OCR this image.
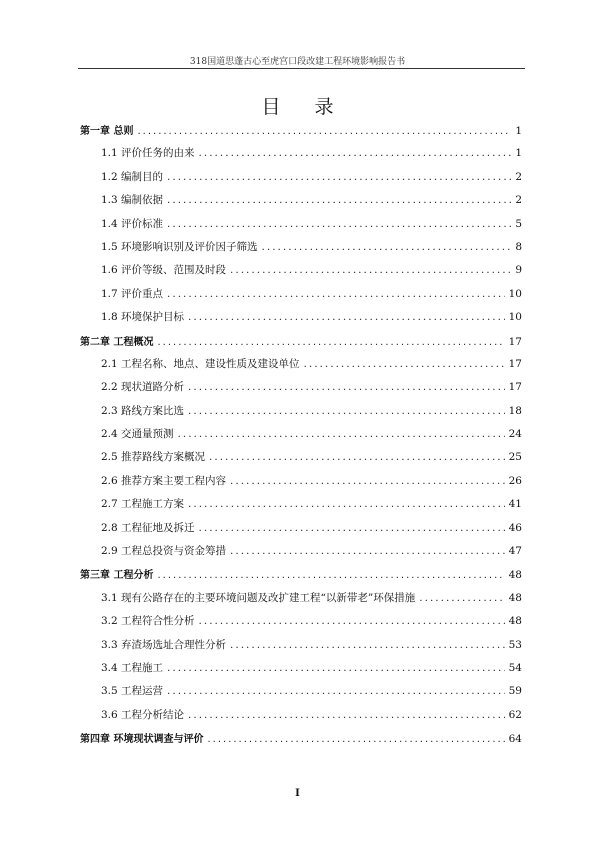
318国道思蓬古心至虎宫口段改建工程环境影响报告书
目 录
第一章 总则 .....	1
1.1 评价任务的由来 .....	1
1.2 编制目的 .....	2
1.3 编制依据 .....	2
1.4 评价标准 .....	5
1.5 环境影响识别及评价因子筛选 .....	8
1.6 评价等级、范围及时段 .....	9
1.7 评价重点 .....	10
1.8 环境保护目标 .....	10
第二章 工程概况 .....	17
2.1 工程名称、地点、建设性质及建设单位 .....	17
2.2 现状道路分析 .....	17
2.3 路线方案比选 .....	18
2.4 交通量预测 .....	24
2.5 推荐路线方案概况 .....	25
2.6 推荐方案主要工程内容 .....	26
2.7 工程施工方案 .....	41
2.8 工程征地及拆迁 .....	46
2.9 工程总投资与资金筹措 .....	47
第三章 工程分析 .....	48
3.1 现有公路存在的主要环境问题及改扩建工程“以新带老”环保措施 .....	48
3.2 工程符合性分析 .....	48
3.3 弃渣场选址合理性分析 .....	53
3.4 工程施工 .....	54
3.5 工程运营 .....	59
3.6 工程分析结论 .....	62
第四章 环境现状调查与评价 .....	64
I
